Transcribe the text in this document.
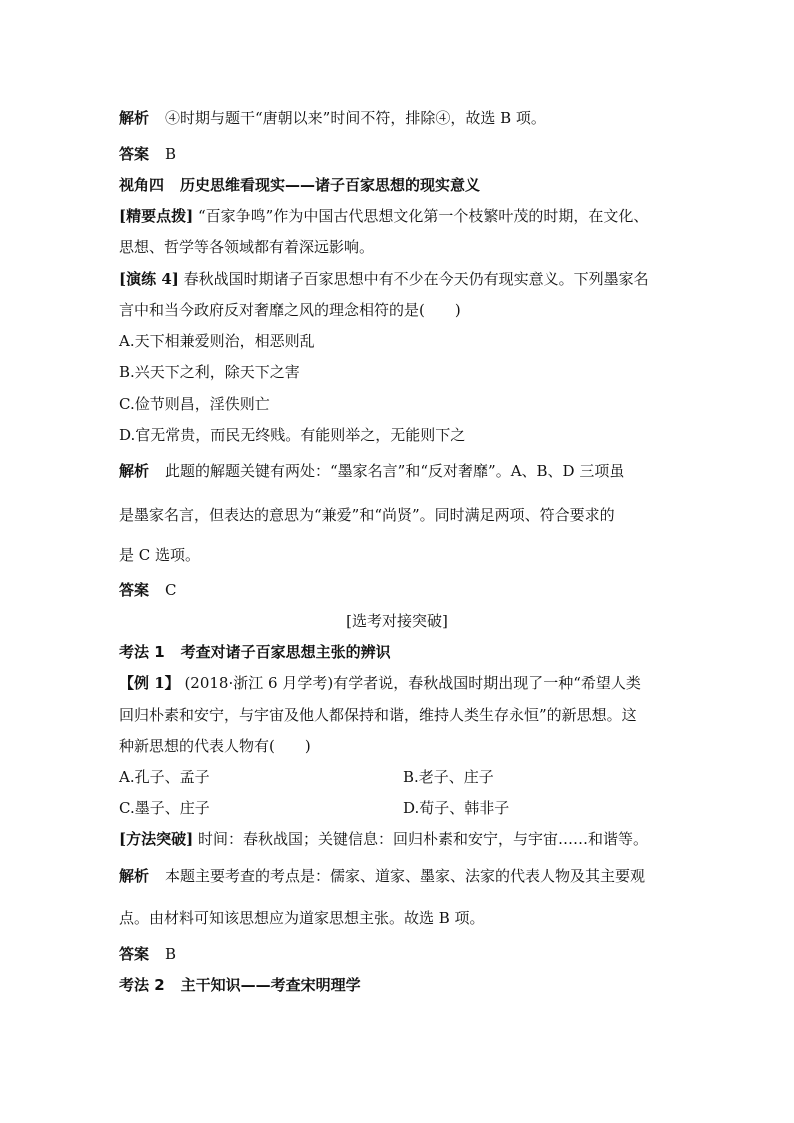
解析 ④时期与题干“唐朝以来”时间不符，排除④，故选 B 项。
答案 B
视角四 历史思维看现实——诸子百家思想的现实意义
[精要点拨] “百家争鸣”作为中国古代思想文化第一个枝繁叶茂的时期，在文化、
思想、哲学等各领域都有着深远影响。
[演练 4] 春秋战国时期诸子百家思想中有不少在今天仍有现实意义。下列墨家名
言中和当今政府反对奢靡之风的理念相符的是(　　)
A.天下相兼爱则治，相恶则乱
B.兴天下之利，除天下之害
C.俭节则昌，淫佚则亡
D.官无常贵，而民无终贱。有能则举之，无能则下之
解析 此题的解题关键有两处：“墨家名言”和“反对奢靡”。A、B、D 三项虽
是墨家名言，但表达的意思为“兼爱”和“尚贤”。同时满足两项、符合要求的
是 C 选项。
答案 C
[选考对接突破]
考法 1 考查对诸子百家思想主张的辨识
【例 1】 (2018·浙江 6 月学考)有学者说，春秋战国时期出现了一种“希望人类
回归朴素和安宁，与宇宙及他人都保持和谐，维持人类生存永恒”的新思想。这
种新思想的代表人物有(　　)
A.孔子、孟子	B.老子、庄子
C.墨子、庄子	D.荀子、韩非子
[方法突破] 时间：春秋战国；关键信息：回归朴素和安宁，与宇宙……和谐等。
解析 本题主要考查的考点是：儒家、道家、墨家、法家的代表人物及其主要观
点。由材料可知该思想应为道家思想主张。故选 B 项。
答案 B
考法 2 主干知识——考查宋明理学
